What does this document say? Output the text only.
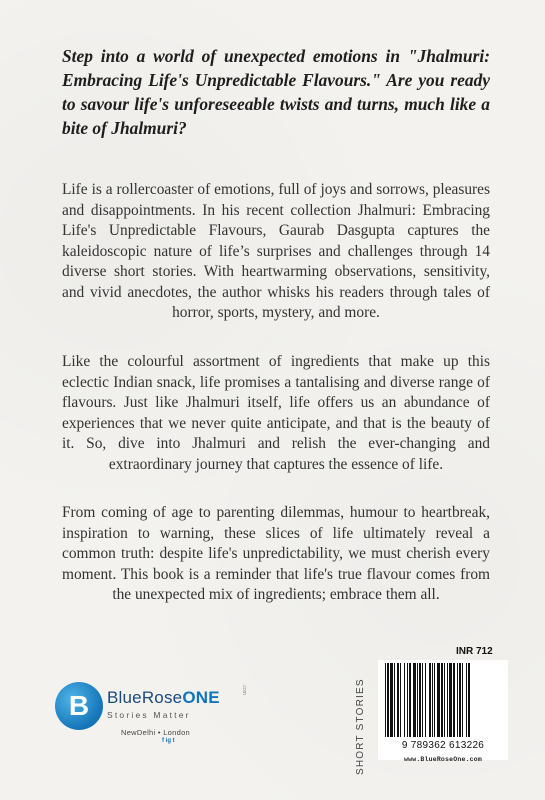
Step into a world of unexpected emotions in "Jhalmuri: Embracing Life's Unpredictable Flavours." Are you ready to savour life's unforeseeable twists and turns, much like a bite of Jhalmuri?
Life is a rollercoaster of emotions, full of joys and sorrows, pleasures and disappointments. In his recent collection Jhalmuri: Embracing Life's Unpredictable Flavours, Gaurab Dasgupta captures the kaleidoscopic nature of life’s surprises and challenges through 14 diverse short stories. With heartwarming observations, sensitivity, and vivid anecdotes, the author whisks his readers through tales of horror, sports, mystery, and more.
Like the colourful assortment of ingredients that make up this eclectic Indian snack, life promises a tantalising and diverse range of flavours. Just like Jhalmuri itself, life offers us an abundance of experiences that we never quite anticipate, and that is the beauty of it. So, dive into Jhalmuri and relish the ever-changing and extraordinary journey that captures the essence of life.
From coming of age to parenting dilemmas, humour to heartbreak, inspiration to warning, these slices of life ultimately reveal a common truth: despite life's unpredictability, we must cherish every moment. This book is a reminder that life's true flavour comes from the unexpected mix of ingredients; embrace them all.
B BlueRoseONE	.com
Stories Matter
NewDelhi • London
f ig t	SHORT STORIES
INR 712
9 789362 613226
www.BlueRoseOne.com
